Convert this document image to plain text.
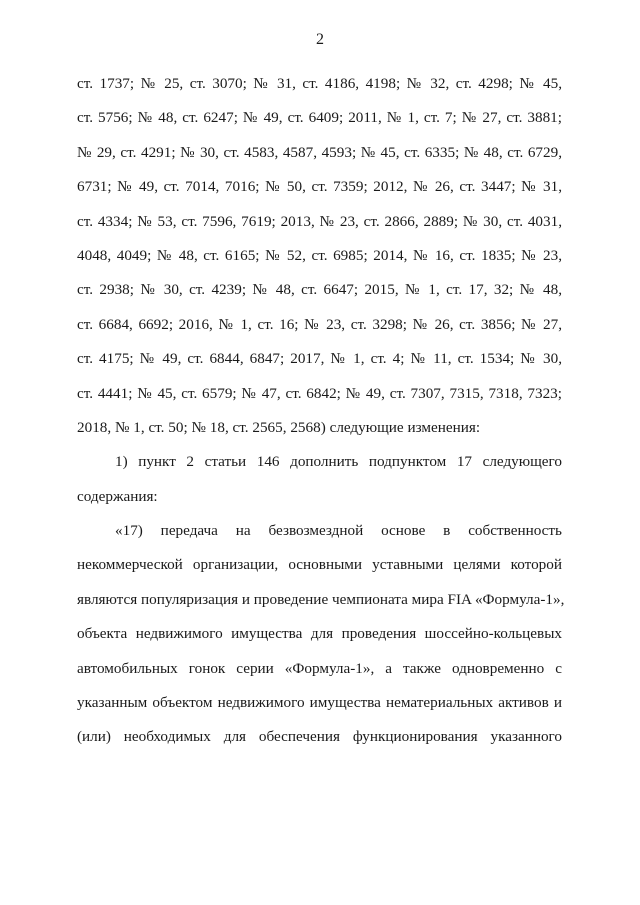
2
ст. 1737; № 25, ст. 3070; № 31, ст. 4186, 4198; № 32, ст. 4298; № 45,
ст. 5756; № 48, ст. 6247; № 49, ст. 6409; 2011, № 1, ст. 7; № 27, ст. 3881;
№ 29, ст. 4291; № 30, ст. 4583, 4587, 4593; № 45, ст. 6335; № 48, ст. 6729,
6731; № 49, ст. 7014, 7016; № 50, ст. 7359; 2012, № 26, ст. 3447; № 31,
ст. 4334; № 53, ст. 7596, 7619; 2013, № 23, ст. 2866, 2889; № 30, ст. 4031,
4048, 4049; № 48, ст. 6165; № 52, ст. 6985; 2014, № 16, ст. 1835; № 23,
ст. 2938; № 30, ст. 4239; № 48, ст. 6647; 2015, № 1, ст. 17, 32; № 48,
ст. 6684, 6692; 2016, № 1, ст. 16; № 23, ст. 3298; № 26, ст. 3856; № 27,
ст. 4175; № 49, ст. 6844, 6847; 2017, № 1, ст. 4; № 11, ст. 1534; № 30,
ст. 4441; № 45, ст. 6579; № 47, ст. 6842; № 49, ст. 7307, 7315, 7318, 7323;
2018, № 1, ст. 50; № 18, ст. 2565, 2568) следующие изменения:
1) пункт 2 статьи 146 дополнить подпунктом 17 следующего
содержания:
«17) передача на безвозмездной основе в собственность
некоммерческой организации, основными уставными целями которой
являются популяризация и проведение чемпионата мира FIA «Формула-1»,
объекта недвижимого имущества для проведения шоссейно-кольцевых
автомобильных гонок серии «Формула-1», а также одновременно с
указанным объектом недвижимого имущества нематериальных активов и
(или) необходимых для обеспечения функционирования указанного
